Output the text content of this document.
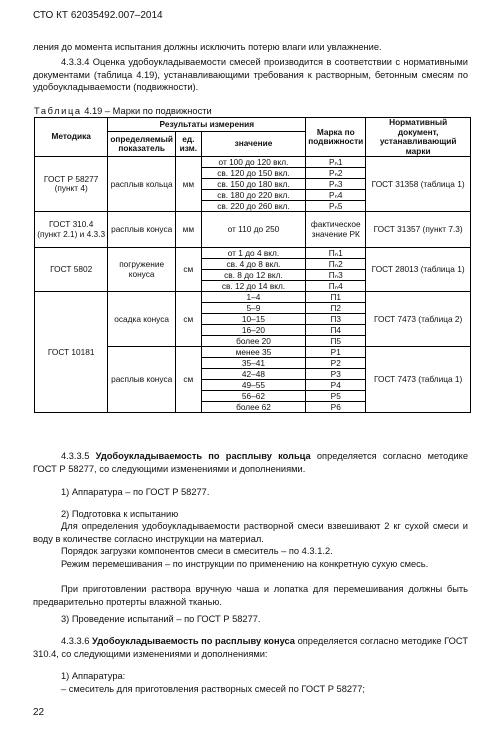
СТО КТ 62035492.007–2014

ления до момента испытания должны исключить потерю влаги или увлажнение.

4.3.3.4 Оценка удобоукладываемости смесей производится в соответствии с нормативными документами (таблица 4.19), устанавливающими требования к растворным, бетонным смесям по удобоукладываемости (подвижности).

Таблица 4.19 – Марки по подвижности
Методика	Результаты измерения			Марка по подвижности	Нормативный документ, устанавливающий марки
	определяемый показатель	ед. изм.	значение		
ГОСТ Р 58277 (пункт 4)	расплыв кольца	мм	от 100 до 120 вкл.	Рₙ1	ГОСТ 31358 (таблица 1)
			св. 120 до 150 вкл.	Рₙ2	
			св. 150 до 180 вкл.	Рₙ3	
			св. 180 до 220 вкл.	Рₙ4	
			св. 220 до 260 вкл.	Рₙ5	
ГОСТ 310.4 (пункт 2.1) и 4.3.3	расплыв конуса	мм	от 110 до 250	фактическое значение РК	ГОСТ 31357 (пункт 7.3)
ГОСТ 5802	погружение конуса	см	от 1 до 4 вкл.	Пₙ1	ГОСТ 28013 (таблица 1)
			св. 4 до 8 вкл.	Пₙ2	
			св. 8 до 12 вкл.	Пₙ3	
			св. 12 до 14 вкл.	Пₙ4	
ГОСТ 10181	осадка конуса	см	1–4	П1	ГОСТ 7473 (таблица 2)
			5–9	П2	
			10–15	П3	
			16–20	П4	
			более 20	П5	
	расплыв конуса	см	менее 35	Р1	ГОСТ 7473 (таблица 1)
			35–41	Р2	
			42–48	Р3	
			49–55	Р4	
			56–62	Р5	
			более 62	Р6	

4.3.3.5 Удобоукладываемость по расплыву кольца определяется согласно методике ГОСТ Р 58277, со следующими изменениями и дополнениями.

1) Аппаратура – по ГОСТ Р 58277.

2) Подготовка к испытанию

Для определения удобоукладываемости растворной смеси взвешивают 2 кг сухой смеси и воду в количестве согласно инструкции на материал.

Порядок загрузки компонентов смеси в смеситель – по 4.3.1.2.

Режим перемешивания – по инструкции по применению на конкретную сухую смесь.

При приготовлении раствора вручную чаша и лопатка для перемешивания должны быть предварительно протерты влажной тканью.

3) Проведение испытаний – по ГОСТ Р 58277.

4.3.3.6 Удобоукладываемость по расплыву конуса определяется согласно методике ГОСТ 310.4, со следующими изменениями и дополнениями:

1) Аппаратура:

– смеситель для приготовления растворных смесей по ГОСТ Р 58277;

22
